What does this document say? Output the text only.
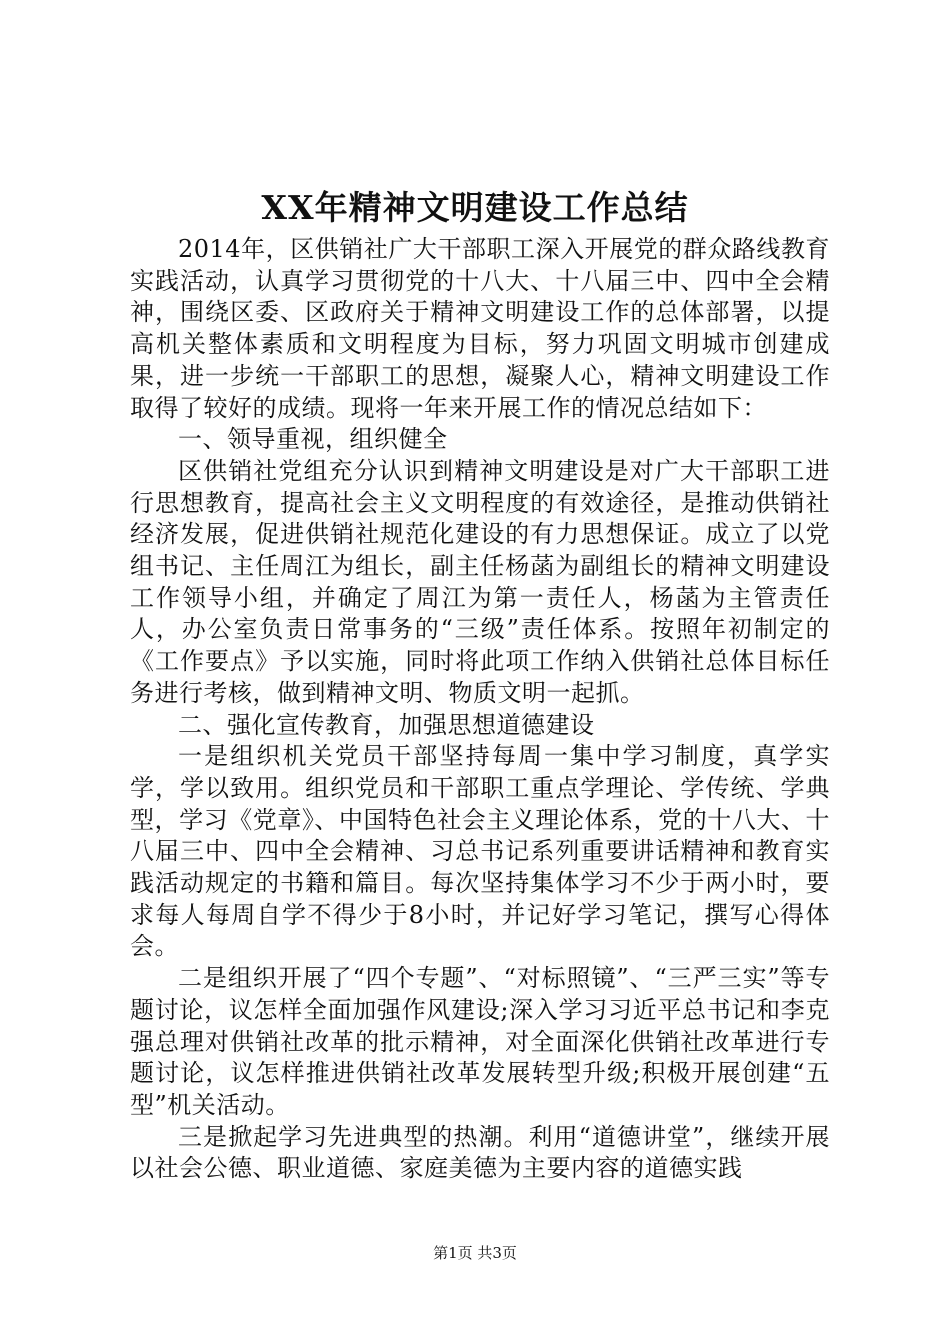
XX年精神文明建设工作总结

2014年，区供销社广大干部职工深入开展党的群众路线教育实践活动，认真学习贯彻党的十八大、十八届三中、四中全会精神，围绕区委、区政府关于精神文明建设工作的总体部署，以提高机关整体素质和文明程度为目标，努力巩固文明城市创建成果，进一步统一干部职工的思想，凝聚人心，精神文明建设工作取得了较好的成绩。现将一年来开展工作的情况总结如下：

一、领导重视，组织健全

区供销社党组充分认识到精神文明建设是对广大干部职工进行思想教育，提高社会主义文明程度的有效途径，是推动供销社经济发展，促进供销社规范化建设的有力思想保证。成立了以党组书记、主任周江为组长，副主任杨菡为副组长的精神文明建设工作领导小组，并确定了周江为第一责任人，杨菡为主管责任人，办公室负责日常事务的“三级”责任体系。按照年初制定的《工作要点》予以实施，同时将此项工作纳入供销社总体目标任务进行考核，做到精神文明、物质文明一起抓。

二、强化宣传教育，加强思想道德建设

一是组织机关党员干部坚持每周一集中学习制度，真学实学，学以致用。组织党员和干部职工重点学理论、学传统、学典型，学习《党章》、中国特色社会主义理论体系，党的十八大、十八届三中、四中全会精神、习总书记系列重要讲话精神和教育实践活动规定的书籍和篇目。每次坚持集体学习不少于两小时，要求每人每周自学不得少于8小时，并记好学习笔记，撰写心得体会。

二是组织开展了“四个专题”、“对标照镜”、“三严三实”等专题讨论，议怎样全面加强作风建设;深入学习习近平总书记和李克强总理对供销社改革的批示精神，对全面深化供销社改革进行专题讨论，议怎样推进供销社改革发展转型升级;积极开展创建“五型”机关活动。

三是掀起学习先进典型的热潮。利用“道德讲堂”，继续开展以社会公德、职业道德、家庭美德为主要内容的道德实践

第1页 共3页
